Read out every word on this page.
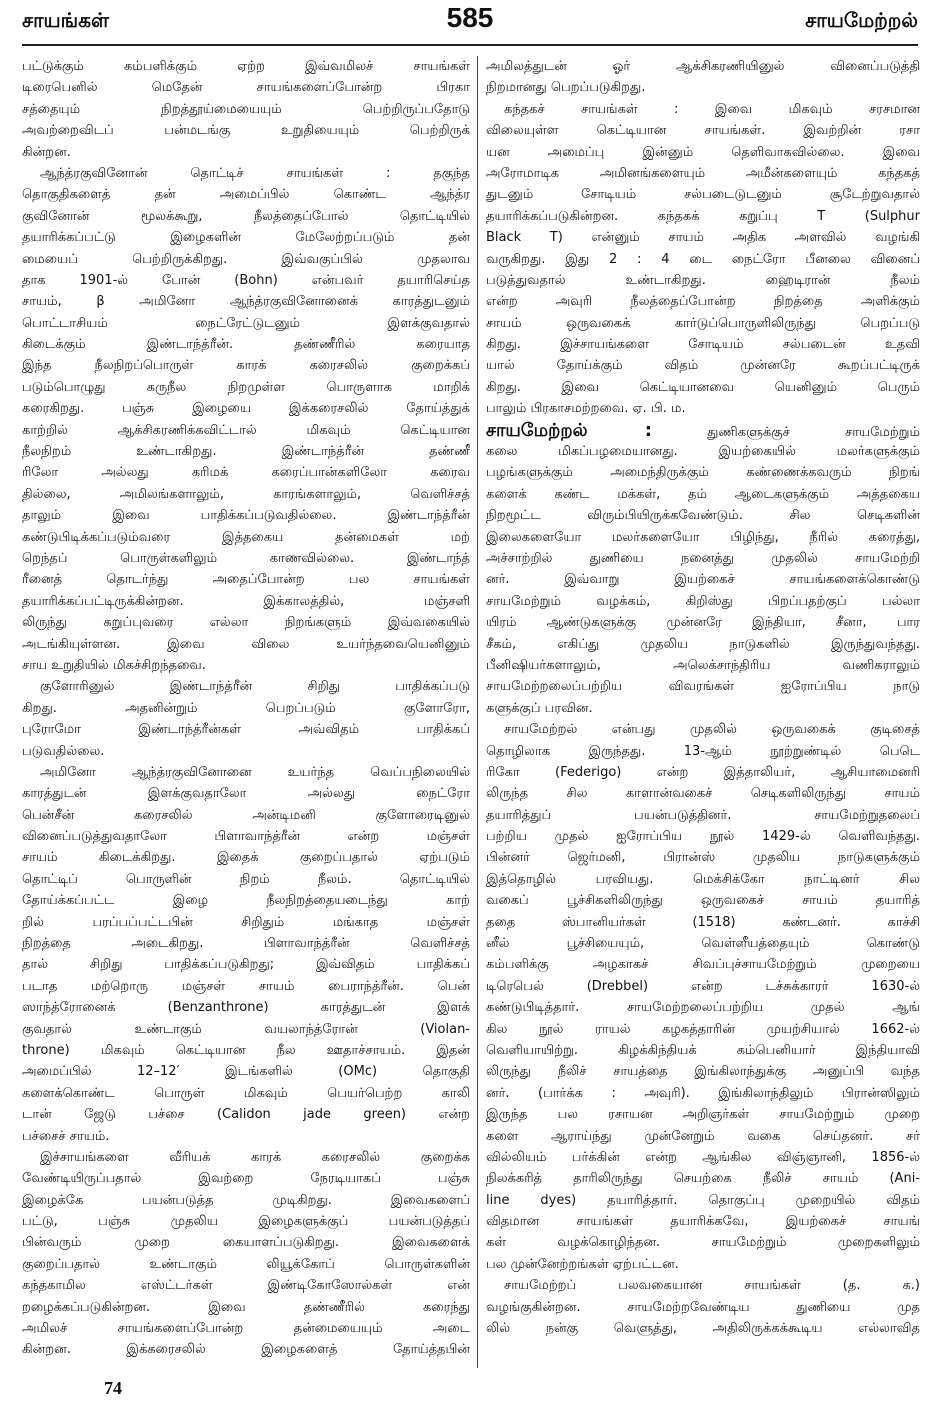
சாயங்கள்	585	சாயமேற்றல்
பட்டுக்கும் கம்பளிக்கும் ஏற்ற இவ்வமிலச் சாயங்கள்
டிரைபெனில் மெதேன் சாயங்களைப்போன்ற பிரகா
சத்தையும் நிறத்தூய்மையையும் பெற்றிருப்பதோடு
அவற்றைவிடப் பன்மடங்கு உறுதியையும் பெற்றிருக்
கின்றன.
ஆந்த்ரகுவினோன் தொட்டிச் சாயங்கள் : தகுந்த
தொகுதிகளைத் தன் அமைப்பில் கொண்ட ஆந்த்ர
குவினோன் மூலக்கூறு, நீலத்தைப்போல் தொட்டியில்
தயாரிக்கப்பட்டு இழைகளின் மேலேற்றப்படும் தன்
மையைப் பெற்றிருக்கிறது. இவ்வகுப்பில் முதலாவ
தாக 1901-ல் போன் (Bohn) என்பவர் தயாரிசெய்த
சாயம், β அமினோ ஆந்த்ரகுவினோனைக் காரத்துடனும்
பொட்டாசியம் நைட்ரேட்டுடனும் இளக்குவதால்
கிடைக்கும் இண்டாந்த்ரீன். தண்ணீரில் கரையாத
இந்த நீலநிறப்பொருள் காரக் கரைசலில் குறைக்கப்
படும்பொழுது கருநீல நிறமுள்ள பொருளாக மாறிக்
கரைகிறது. பஞ்சு இழையை இக்கரைசலில் தோய்த்துக்
காற்றில் ஆக்சிகரணிக்கவிட்டால் மிகவும் கெட்டியான
நீலநிறம் உண்டாகிறது. இண்டாந்த்ரீன் தண்ணீ
ரிலோ அல்லது கரிமக் கரைப்பான்களிலோ கரைவ
தில்லை, அமிலங்களாலும், காரங்களாலும், வெளிச்சத்
தாலும் இவை பாதிக்கப்படுவதில்லை. இண்டாந்த்ரீன்
கண்டுபிடிக்கப்படும்வரை இத்தகைய தன்மைகள் மற்
றெந்தப் பொருள்களிலும் காணவில்லை. இண்டாந்த்
ரீனைத் தொடர்ந்து அதைப்போன்ற பல சாயங்கள்
தயாரிக்கப்பட்டிருக்கின்றன. இக்காலத்தில், மஞ்சளி
லிருந்து கறுப்புவரை எல்லா நிறங்களும் இவ்வகையில்
அடங்கியுள்ளன. இவை விலை உயர்ந்தவையெனினும்
சாய உறுதியில் மிகச்சிறந்தவை.
குளோரினுல் இண்டாந்த்ரீன் சிறிது பாதிக்கப்படு
கிறது. அதனின்றும் பெறப்படும் குளோரோ,
புரோமோ இண்டாந்த்ரீன்கள் அவ்விதம் பாதிக்கப்
படுவதில்லை.
அமினோ ஆந்த்ரகுவினோனை உயர்ந்த வெப்பநிலையில்
காரத்துடன் இளக்குவதாலோ அல்லது நைட்ரோ
பென்சீன் கரைசலில் அன்டிமனி குளோரைடினுல்
வினைப்படுத்துவதாலோ பிளாவாந்த்ரீன் என்ற மஞ்சள்
சாயம் கிடைக்கிறது. இதைக் குறைப்பதால் ஏற்படும்
தொட்டிப் பொருளின் நிறம் நீலம். தொட்டியில்
தோய்க்கப்பட்ட இழை நீலநிறத்தையடைந்து காற்
றில் பரப்பப்பட்டபின் சிறிதும் மங்காத மஞ்சள்
நிறத்தை அடைகிறது. பிளாவாந்த்ரீன் வெளிச்சத்
தால் சிறிது பாதிக்கப்படுகிறது; இவ்விதம் பாதிக்கப்
படாத மற்றொரு மஞ்சள் சாயம் பைராந்த்ரீன். பென்
ஸாந்த்ரோனைக் (Benzanthrone) காரத்துடன் இளக்
குவதால் உண்டாகும் வயலாந்த்ரோன் (Violan-
throne) மிகவும் கெட்டியான நீல ஊதாச்சாயம். இதன்
அமைப்பில் 12–12′ இடங்களில் (OMc) தொகுதி
களைக்கொண்ட பொருள் மிகவும் பெயர்பெற்ற காலி
டான் ஜேடு பச்சை (Calidon jade green) என்ற
பச்சைச் சாயம்.
இச்சாயங்களை வீரியக் காரக் கரைசலில் குறைக்க
வேண்டியிருப்பதால் இவற்றை நேரடியாகப் பஞ்சு
இழைக்கே பயன்படுத்த முடிகிறது. இவைகளைப்
பட்டு, பஞ்சு முதலிய இழைகளுக்குப் பயன்படுத்தப்
பின்வரும் முறை கையாளப்படுகிறது. இவைகளைக்
குறைப்பதால் உண்டாகும் லியூக்கோப் பொருள்களின்
கந்தகாமில எஸ்ட்டர்கள் இண்டிகோஸோல்கள் என்
றழைக்கப்படுகின்றன. இவை தண்ணீரில் கரைந்து
அமிலச் சாயங்களைப்போன்ற தன்மையையும் அடை
கின்றன. இக்கரைசலில் இழைகளைத் தோய்த்தபின்
அமிலத்துடன் ஓர் ஆக்சிகரணியினுல் வினைப்படுத்தி
நிறமானது பெறப்படுகிறது.
கந்தகச் சாயங்கள் : இவை மிகவும் சரசமான
விலையுள்ள கெட்டியான சாயங்கள். இவற்றின் ரசா
யன அமைப்பு இன்னும் தெளிவாகவில்லை. இவை
அரோமாடிக அமினங்களையும் அமீன்களையும் கந்தகத்
துடனும் சோடியம் சல்படைடுடனும் சூடேற்றுவதால்
தயாரிக்கப்படுகின்றன. கந்தகக் கறுப்பு T (Sulphur
Black T) என்னும் சாயம் அதிக அளவில் வழங்கி
வருகிறது. இது 2 : 4 டை நைட்ரோ பீனலை வினைப்
படுத்துவதால் உண்டாகிறது. ஹைடிரான் நீலம்
என்ற அவுரி நீலத்தைப்போன்ற நிறத்தை அளிக்கும்
சாயம் ஒருவகைக் கார்டுப்பொருளிலிருந்து பெறப்படு
கிறது. இச்சாயங்களை சோடியம் சல்படைன் உதவி
யால் தோய்க்கும் விதம் முன்னரே கூறப்பட்டிருக்
கிறது. இவை கெட்டியானவை யெனினும் பெரும்
பாலும் பிரகாசமற்றவை. ஏ. பி. ம.
சாயமேற்றல் : துணிகளுக்குச் சாயமேற்றும்
கலை மிகப்பழமையானது. இயற்கையில் மலர்களுக்கும்
பழங்களுக்கும் அமைந்திருக்கும் கண்ணைக்கவரும் நிறங்
களைக் கண்ட மக்கள், தம் ஆடைகளுக்கும் அத்தகைய
நிறமூட்ட விரும்பியிருக்கவேண்டும். சில செடிகளின்
இலைகளையோ மலர்களையோ பிழிந்து, நீரில் கரைத்து,
அச்சாற்றில் துணியை நனைத்து முதலில் சாயமேற்றி
னர். இவ்வாறு இயற்கைச் சாயங்களைக்கொண்டு
சாயமேற்றும் வழக்கம், கிறிஸ்து பிறப்பதற்குப் பல்லா
யிரம் ஆண்டுகளுக்கு முன்னரே இந்தியா, சீனா, பார
சீகம், எகிப்து முதலிய நாடுகளில் இருந்துவந்தது.
பீனிஷியர்களாலும், அலெக்சாந்திரிய வணிகராலும்
சாயமேற்றலைப்பற்றிய விவரங்கள் ஐரோப்பிய நாடு
களுக்குப் பரவின.
சாயமேற்றல் என்பது முதலில் ஒருவகைக் குடிசைத்
தொழிலாக இருந்தது. 13-ஆம் நூற்றுண்டில் பெடெ
ரிகோ (Federigo) என்ற இத்தாலியர், ஆசியாமைனரி
லிருந்த சில காளான்வகைச் செடிகளிலிருந்து சாயம்
தயாரித்துப் பயன்படுத்தினர். சாயமேற்றுதலைப்
பற்றிய முதல் ஐரோப்பிய நூல் 1429-ல் வெளிவந்தது.
பின்னர் ஜெர்மனி, பிரான்ஸ் முதலிய நாடுகளுக்கும்
இத்தொழில் பரவியது. மெக்சிக்கோ நாட்டினர் சில
வகைப் பூச்சிகளிலிருந்து ஒருவகைச் சாயம் தயாரித்
ததை ஸ்பானியர்கள் (1518) கண்டனர். காச்சி
னீல் பூச்சியையும், வெள்ளீயத்தையும் கொண்டு
கம்பளிக்கு அழகாகச் சிவப்புச்சாயமேற்றும் முறையை
டிரெபெல் (Drebbel) என்ற டச்சுக்காரர் 1630-ல்
கண்டுபிடித்தார். சாயமேற்றலைப்பற்றிய முதல் ஆங்
கில நூல் ராயல் கழகத்தாரின் முயற்சியால் 1662-ல்
வெளியாயிற்று. கிழக்கிந்தியக் கம்பெனியார் இந்தியாவி
லிருந்து நீலிச் சாயத்தை இங்கிலாந்துக்கு அனுப்பி வந்த
னர். (பார்க்க : அவுரி). இங்கிலாந்திலும் பிரான்ஸிலும்
இருந்த பல ரசாயன அறிஞர்கள் சாயமேற்றும் முறை
களை ஆராய்ந்து முன்னேறும் வகை செய்தனர். சர்
வில்லியம் பர்க்கின் என்ற ஆங்கில விஞ்ஞானி, 1856-ல்
நிலக்கரித் தாரிலிருந்து செயற்கை நீலிச் சாயம் (Ani-
line dyes) தயாரித்தார். தொகுப்பு முறையில் விதம்
விதமான சாயங்கள் தயாரிக்கவே, இயற்கைச் சாயங்
கள் வழக்கொழிந்தன. சாயமேற்றும் முறைகளிலும்
பல முன்னேற்றங்கள் ஏற்பட்டன.
சாயமேற்றப் பலவகையான சாயங்கள் (த. க.)
வழங்குகின்றன. சாயமேற்றவேண்டிய துணியை முத
லில் நன்கு வெளுத்து, அதிலிருக்கக்கூடிய எல்லாவித
74
